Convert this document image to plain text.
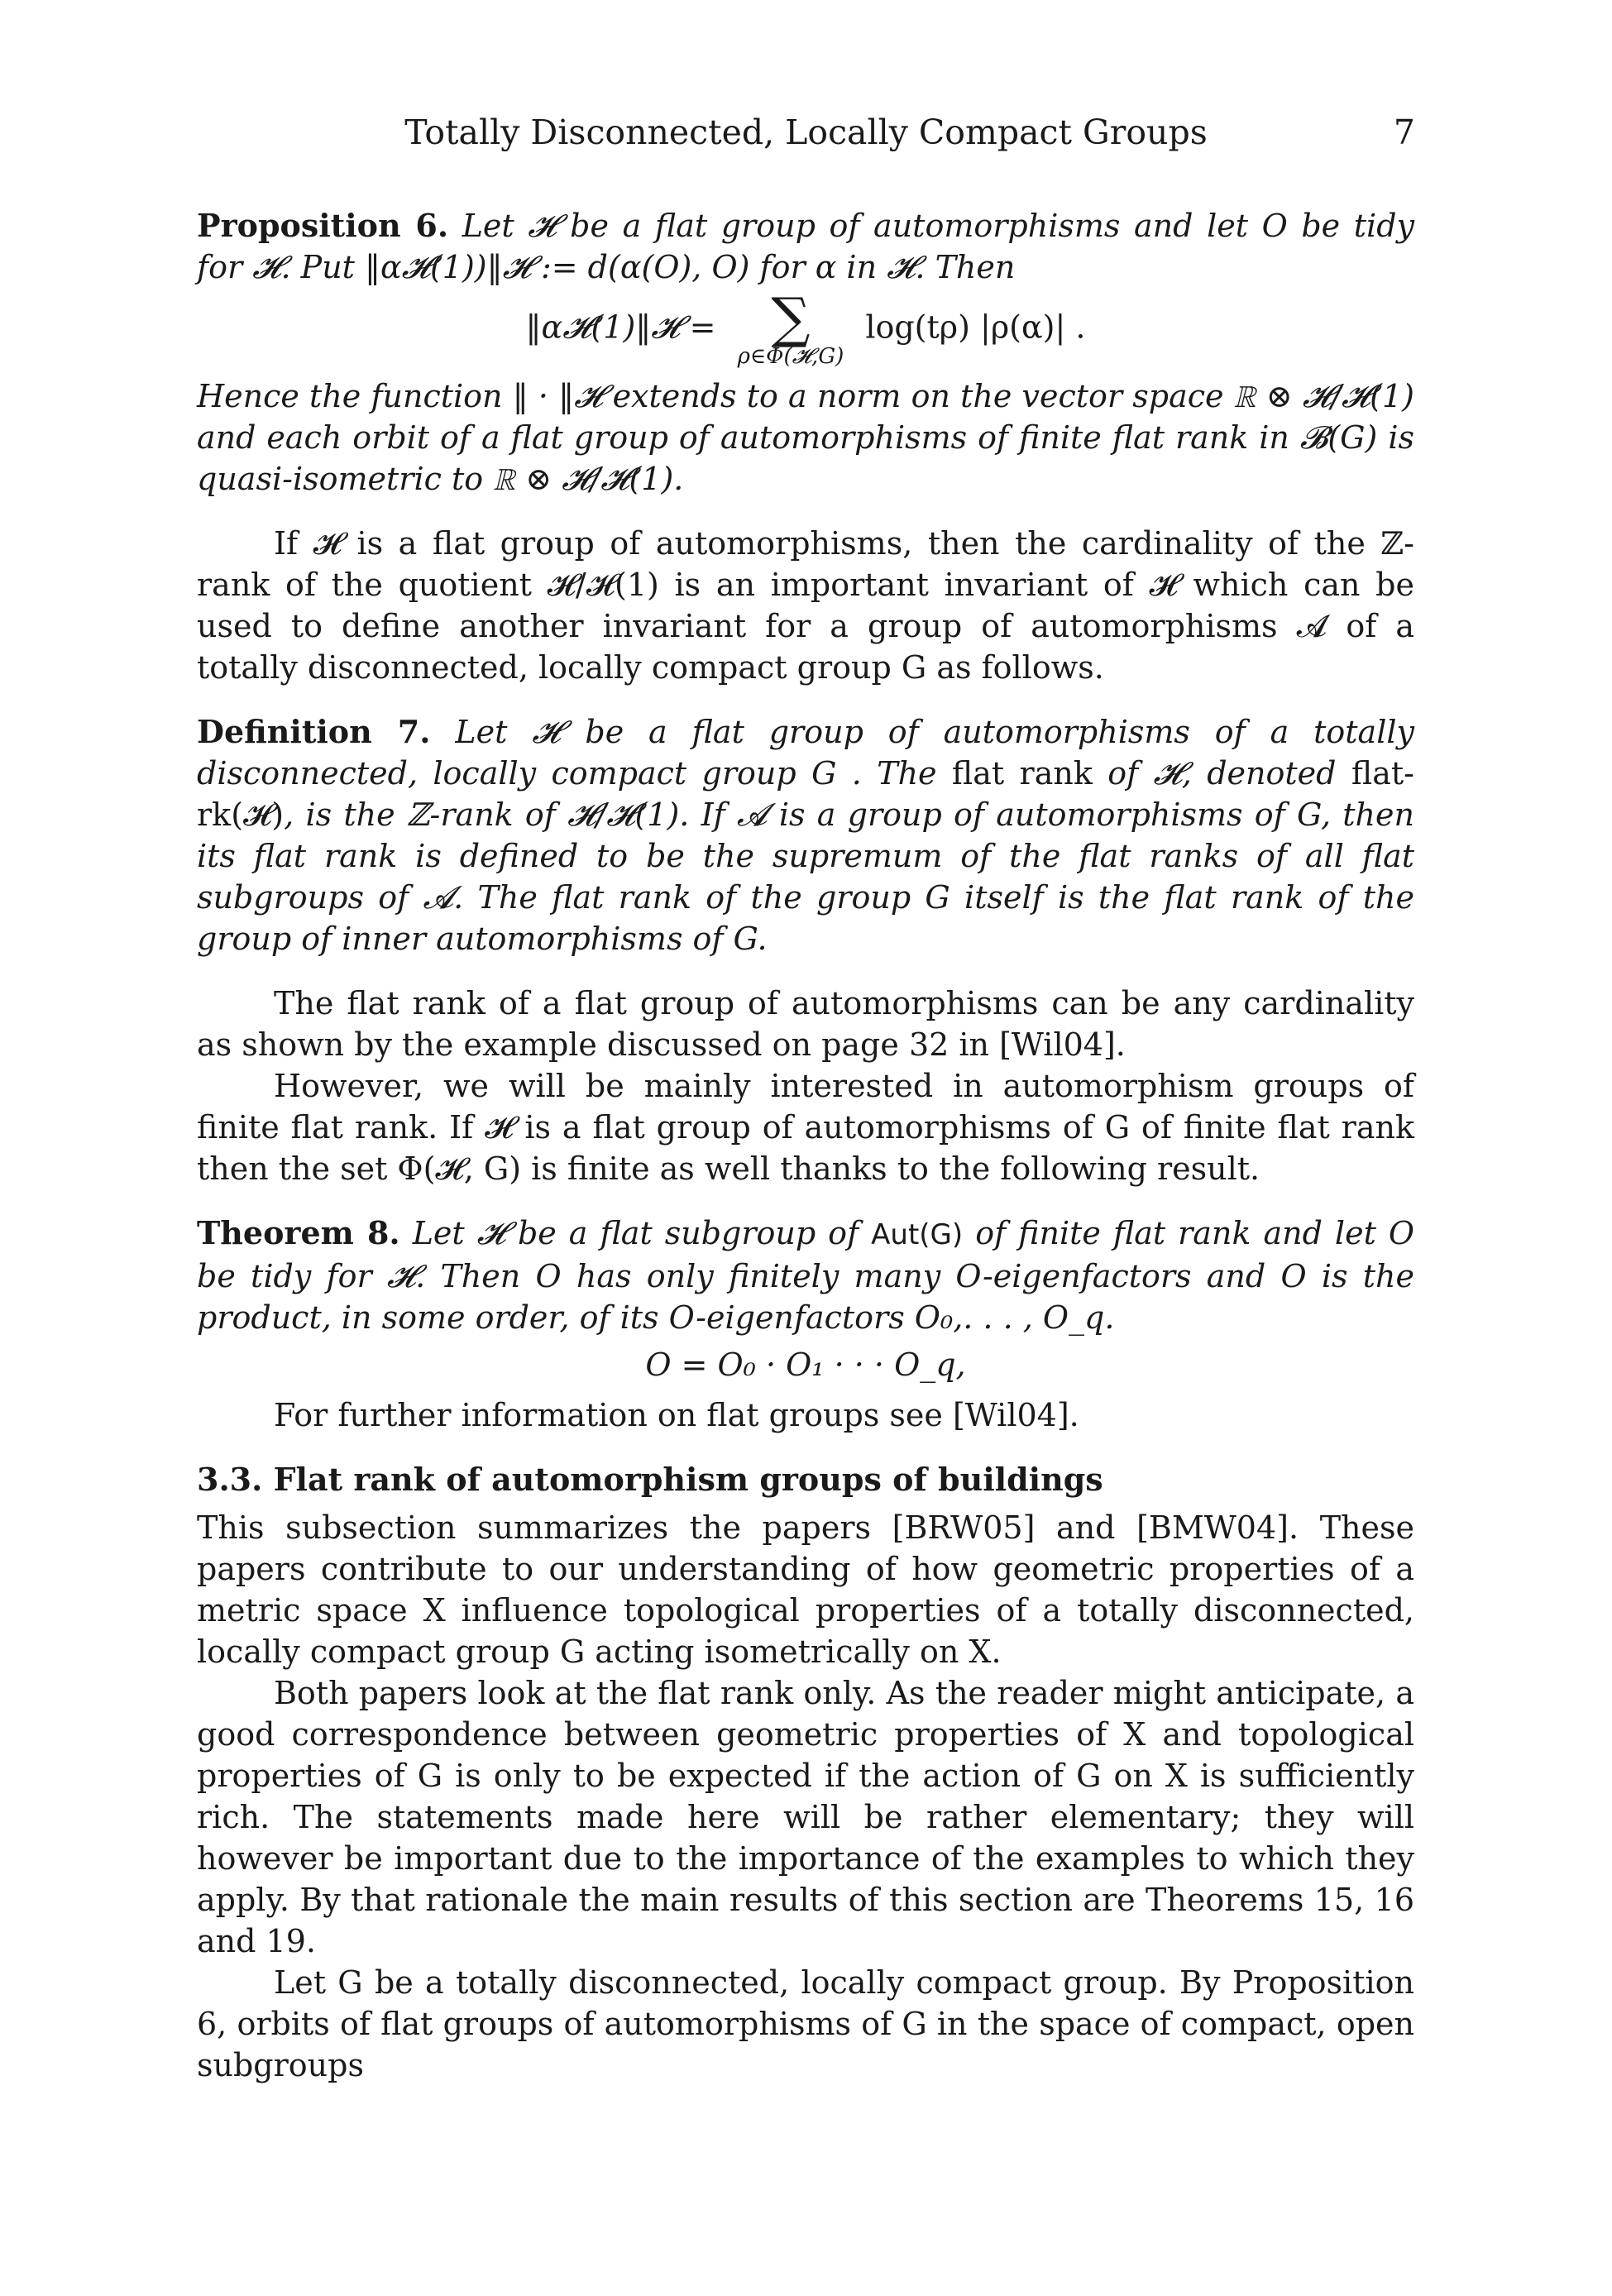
Totally Disconnected, Locally Compact Groups	7

Proposition 6. Let 𝓗 be a flat group of automorphisms and let O be tidy for 𝓗. Put ‖α𝓗(1))‖𝓗 := d(α(O), O) for α in 𝓗. Then

‖α𝓗(1)‖𝓗 =	∑
ρ∈Φ(𝓗,G)
log(tρ) |ρ(α)| .

Hence the function ‖ · ‖𝓗 extends to a norm on the vector space ℝ ⊗ 𝓗/𝓗(1) and each orbit of a flat group of automorphisms of finite flat rank in 𝓑(G) is quasi-isometric to ℝ ⊗ 𝓗/𝓗(1).

If 𝓗 is a flat group of automorphisms, then the cardinality of the ℤ-rank of the quotient 𝓗/𝓗(1) is an important invariant of 𝓗 which can be used to define another invariant for a group of automorphisms 𝓐 of a totally disconnected, locally compact group G as follows.

Definition 7. Let 𝓗 be a flat group of automorphisms of a totally disconnected, locally compact group G . The flat rank of 𝓗, denoted flat-rk(𝓗), is the ℤ-rank of 𝓗/𝓗(1). If 𝓐 is a group of automorphisms of G, then its flat rank is defined to be the supremum of the flat ranks of all flat subgroups of 𝓐. The flat rank of the group G itself is the flat rank of the group of inner automorphisms of G.

The flat rank of a flat group of automorphisms can be any cardinality as shown by the example discussed on page 32 in [Wil04].

However, we will be mainly interested in automorphism groups of finite flat rank. If 𝓗 is a flat group of automorphisms of G of finite flat rank then the set Φ(𝓗, G) is finite as well thanks to the following result.

Theorem 8. Let 𝓗 be a flat subgroup of Aut(G) of finite flat rank and let O be tidy for 𝓗. Then O has only finitely many O-eigenfactors and O is the product, in some order, of its O-eigenfactors O₀,. . . , O_q.

O = O₀ · O₁ · · · O_q,

For further information on flat groups see [Wil04].

3.3. Flat rank of automorphism groups of buildings

This subsection summarizes the papers [BRW05] and [BMW04]. These papers contribute to our understanding of how geometric properties of a metric space X influence topological properties of a totally disconnected, locally compact group G acting isometrically on X.

Both papers look at the flat rank only. As the reader might anticipate, a good correspondence between geometric properties of X and topological properties of G is only to be expected if the action of G on X is sufficiently rich. The statements made here will be rather elementary; they will however be important due to the importance of the examples to which they apply. By that rationale the main results of this section are Theorems 15, 16 and 19.

Let G be a totally disconnected, locally compact group. By Proposition 6, orbits of flat groups of automorphisms of G in the space of compact, open subgroups
